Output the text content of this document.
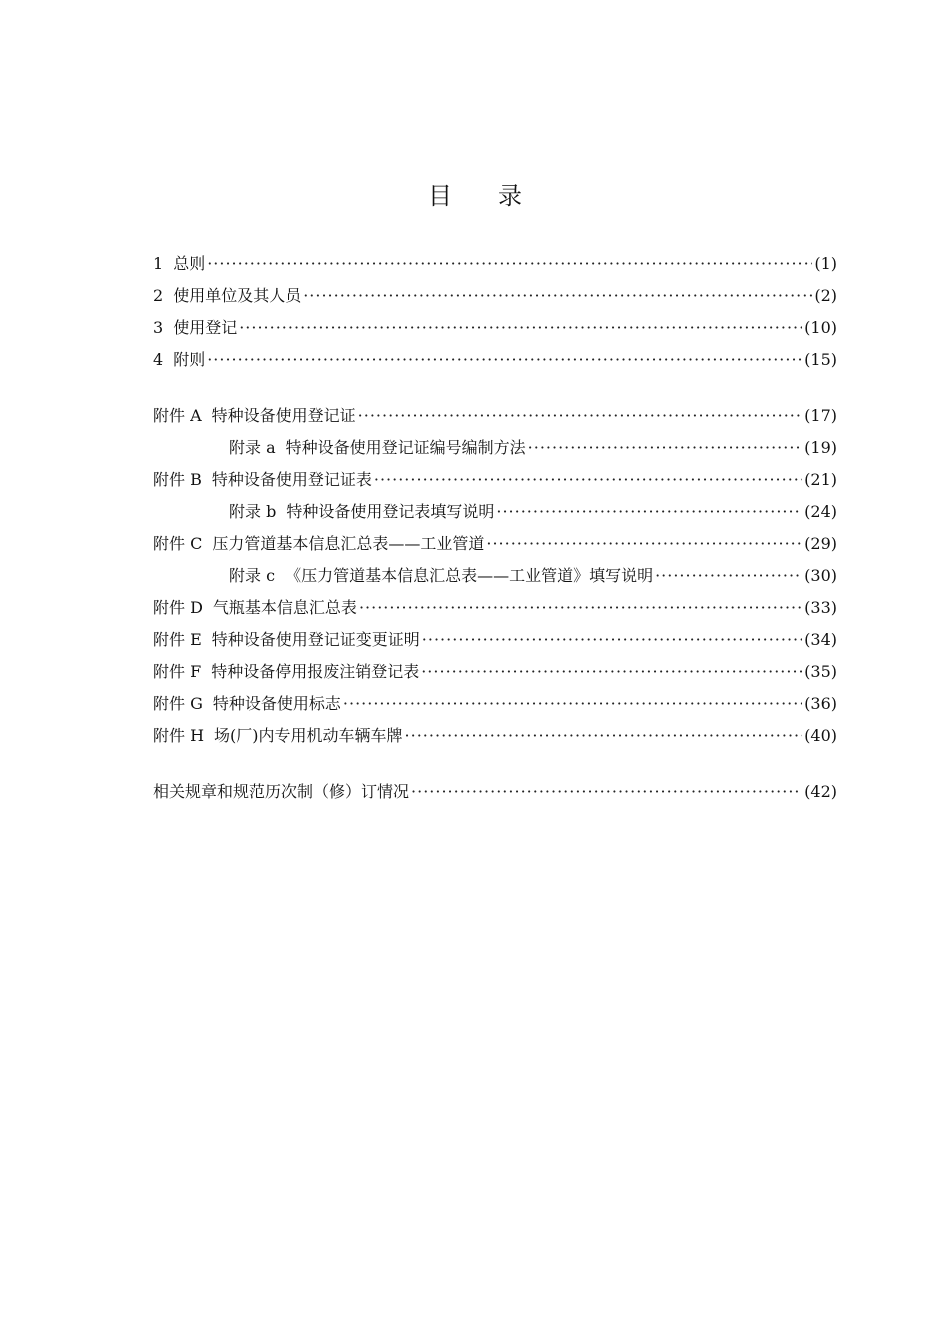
目 录
1 总则 ·····	(1)
2 使用单位及其人员 ·····	(2)
3 使用登记 ·····	(10)
4 附则 ·····	(15)
附件 A 特种设备使用登记证 ·····	(17)
附录 a 特种设备使用登记证编号编制方法 ·····	(19)
附件 B 特种设备使用登记证表 ·····	(21)
附录 b 特种设备使用登记表填写说明 ·····	(24)
附件 C 压力管道基本信息汇总表——工业管道 ·····	(29)
附录 c 《压力管道基本信息汇总表——工业管道》填写说明 ·····	(30)
附件 D 气瓶基本信息汇总表 ·····	(33)
附件 E 特种设备使用登记证变更证明 ·····	(34)
附件 F 特种设备停用报废注销登记表 ·····	(35)
附件 G 特种设备使用标志 ·····	(36)
附件 H 场(厂)内专用机动车辆车牌 ·····	(40)
相关规章和规范历次制（修）订情况 ·····	(42)
